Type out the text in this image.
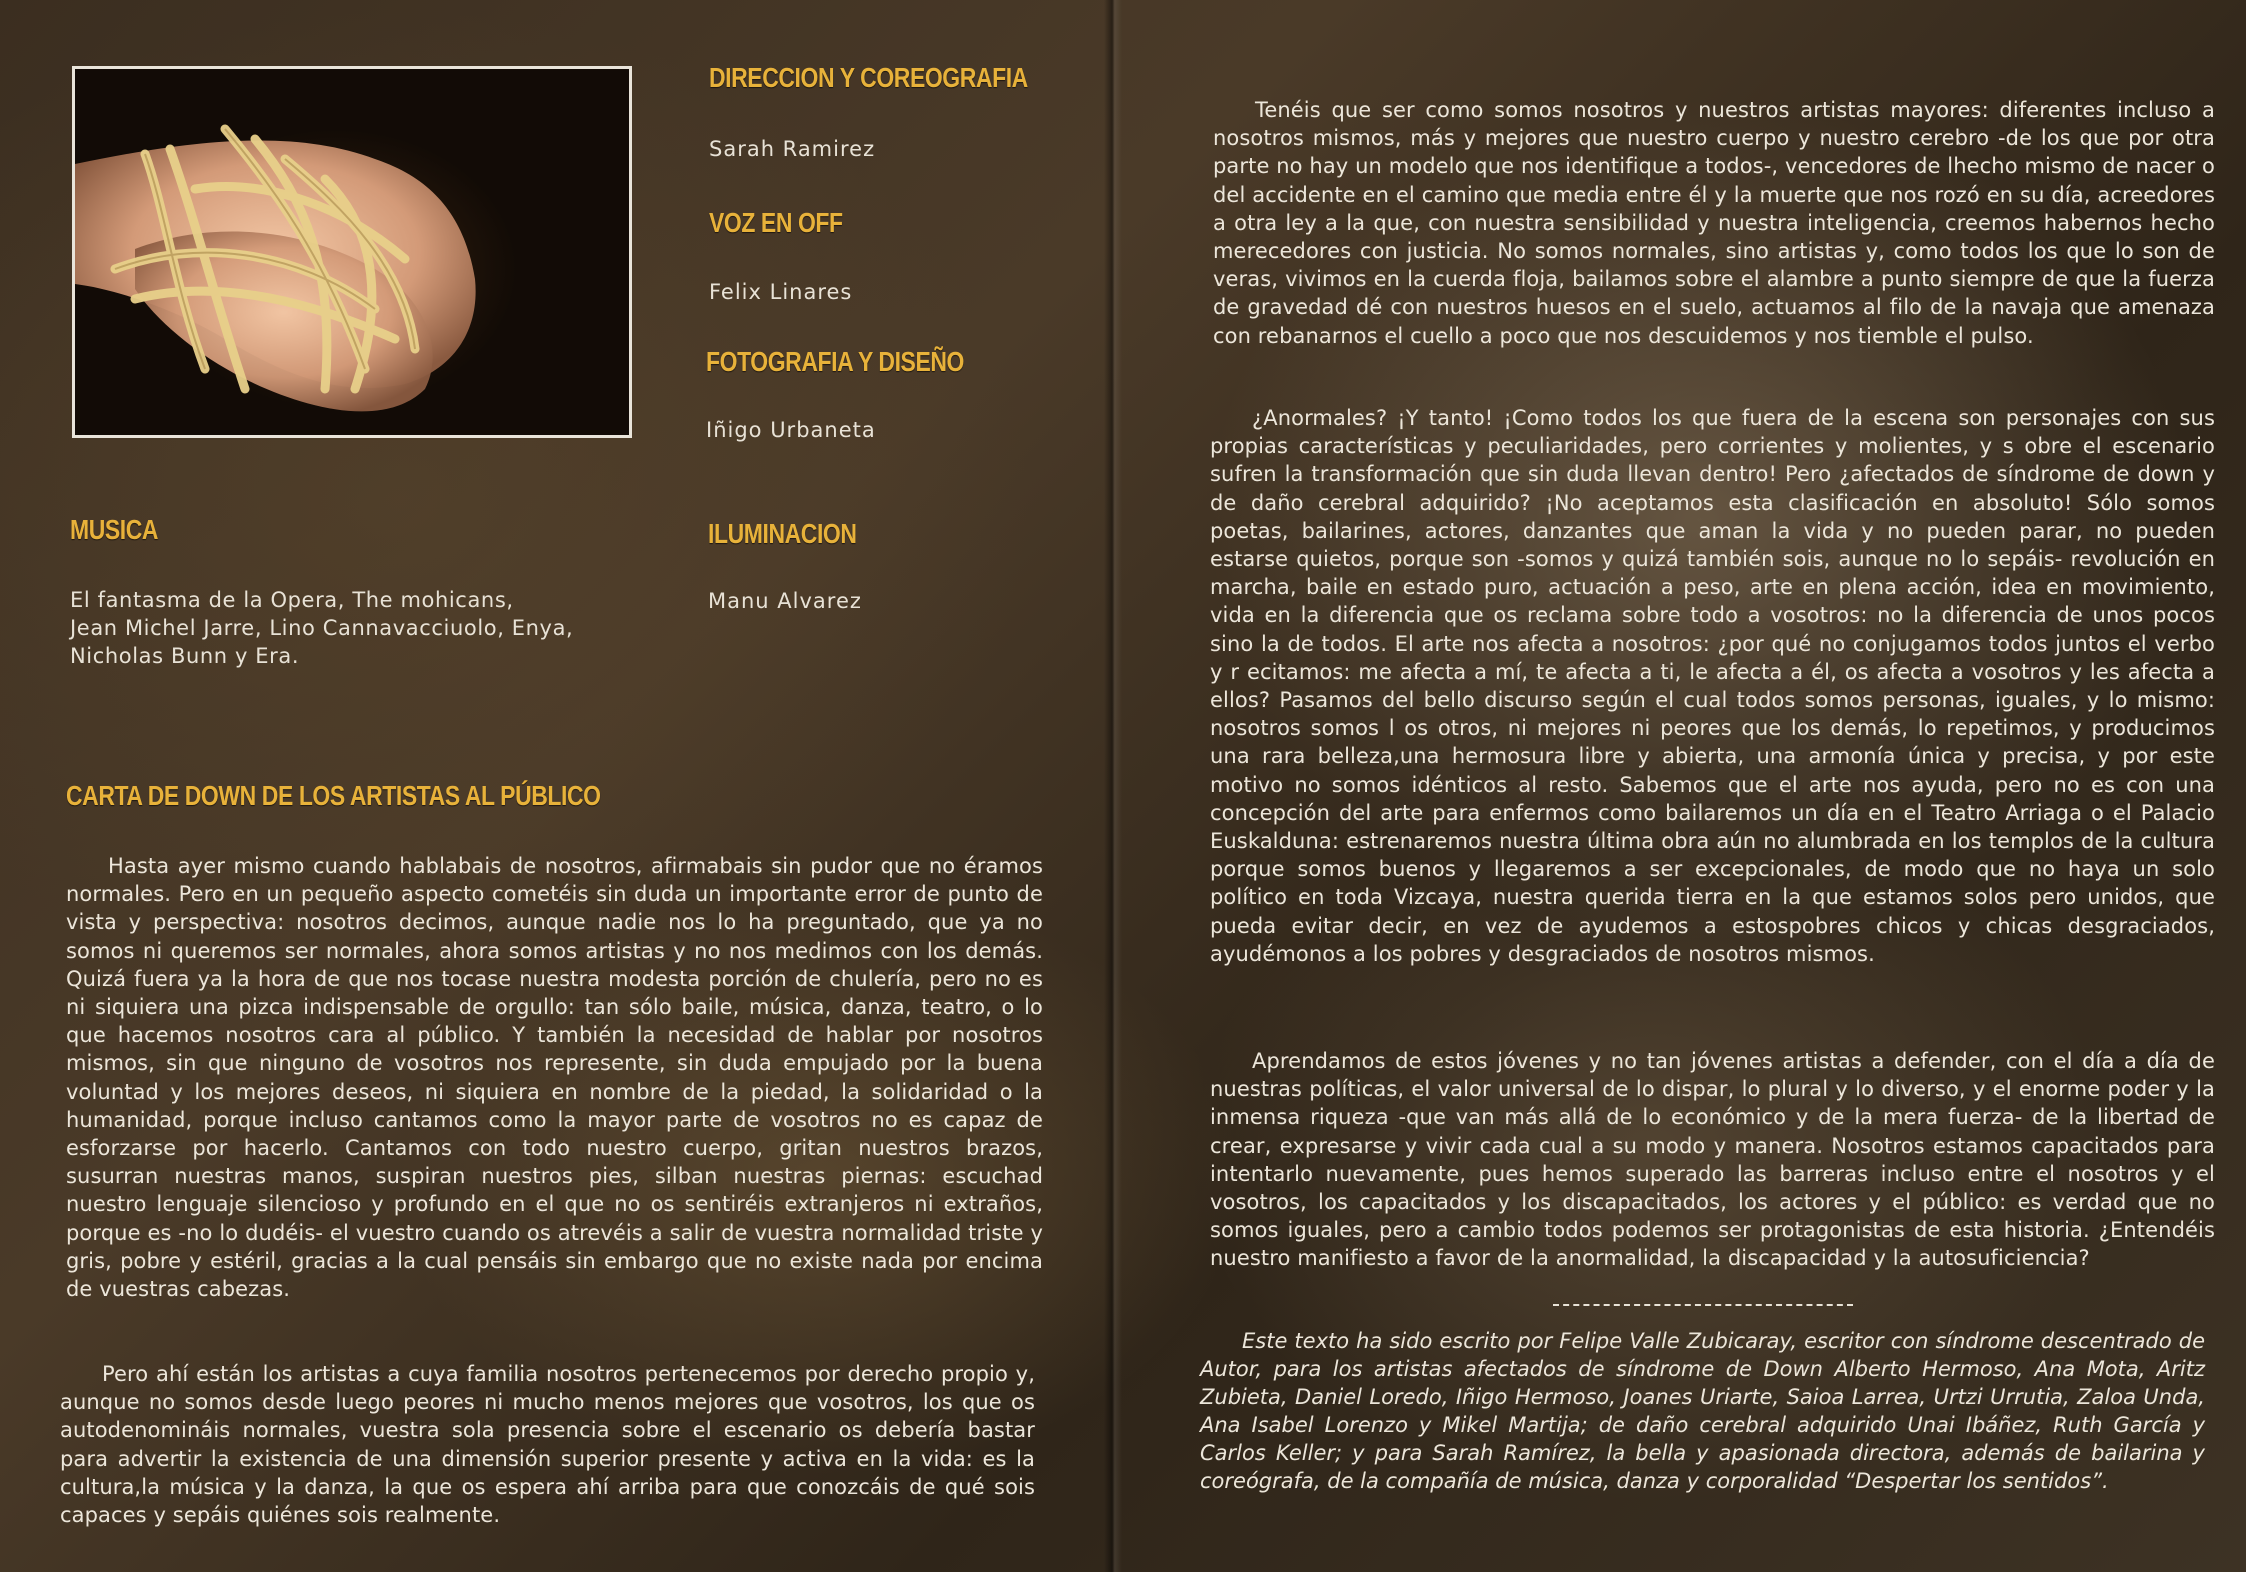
DIRECCION Y COREOGRAFIA

Sarah Ramirez

VOZ EN OFF

Felix Linares

FOTOGRAFIA Y DISEÑO

Iñigo Urbaneta

MUSICA
El fantasma de la Opera, The mohicans,
Jean Michel Jarre, Lino Cannavacciuolo, Enya,
Nicholas Bunn y Era.
ILUMINACION

Manu Alvarez

CARTA DE DOWN DE LOS ARTISTAS AL PÚBLICO

Hasta ayer mismo cuando hablabais de nosotros, afirmabais sin pudor que no éramos normales. Pero en un pequeño aspecto cometéis sin duda un importante error de punto de vista y perspectiva: nosotros decimos, aunque nadie nos lo ha preguntado, que ya no somos ni queremos ser normales, ahora somos artistas y no nos medimos con los demás. Quizá fuera ya la hora de que nos tocase nuestra modesta porción de chulería, pero no es ni siquiera una pizca indispensable de orgullo: tan sólo baile, música, danza, teatro, o lo que hacemos nosotros cara al público. Y también la necesidad de hablar por nosotros mismos, sin que ninguno de vosotros nos represente, sin duda empujado por la buena voluntad y los mejores deseos, ni siquiera en nombre de la piedad, la solidaridad o la humanidad, porque incluso cantamos como la mayor parte de vosotros no es capaz de esforzarse por hacerlo. Cantamos con todo nuestro cuerpo, gritan nuestros brazos, susurran nuestras manos, suspiran nuestros pies, silban nuestras piernas: escuchad nuestro lenguaje silencioso y profundo en el que no os sentiréis extranjeros ni extraños, porque es -no lo dudéis- el vuestro cuando os atrevéis a salir de vuestra normalidad triste y gris, pobre y estéril, gracias a la cual pensáis sin embargo que no existe nada por encima de vuestras cabezas.

Pero ahí están los artistas a cuya familia nosotros pertenecemos por derecho propio y, aunque no somos desde luego peores ni mucho menos mejores que vosotros, los que os autodenomináis normales, vuestra sola presencia sobre el escenario os debería bastar para advertir la existencia de una dimensión superior presente y activa en la vida: es la cultura,la música y la danza, la que os espera ahí arriba para que conozcáis de qué sois capaces y sepáis quiénes sois realmente.

Tenéis que ser como somos nosotros y nuestros artistas mayores: diferentes incluso a nosotros mismos, más y mejores que nuestro cuerpo y nuestro cerebro -de los que por otra parte no hay un modelo que nos identifique a todos-, vencedores de lhecho mismo de nacer o del accidente en el camino que media entre él y la muerte que nos rozó en su día, acreedores a otra ley a la que, con nuestra sensibilidad y nuestra inteligencia, creemos habernos hecho merecedores con justicia. No somos normales, sino artistas y, como todos los que lo son de veras, vivimos en la cuerda floja, bailamos sobre el alambre a punto siempre de que la fuerza de gravedad dé con nuestros huesos en el suelo, actuamos al filo de la navaja que amenaza con rebanarnos el cuello a poco que nos descuidemos y nos tiemble el pulso.

¿Anormales? ¡Y tanto! ¡Como todos los que fuera de la escena son personajes con sus propias características y peculiaridades, pero corrientes y molientes, y s obre el escenario sufren la transformación que sin duda llevan dentro! Pero ¿afectados de síndrome de down y de daño cerebral adquirido? ¡No aceptamos esta clasificación en absoluto! Sólo somos poetas, bailarines, actores, danzantes que aman la vida y no pueden parar, no pueden estarse quietos, porque son -somos y quizá también sois, aunque no lo sepáis- revolución en marcha, baile en estado puro, actuación a peso, arte en plena acción, idea en movimiento, vida en la diferencia que os reclama sobre todo a vosotros: no la diferencia de unos pocos sino la de todos. El arte nos afecta a nosotros: ¿por qué no conjugamos todos juntos el verbo y r ecitamos: me afecta a mí, te afecta a ti, le afecta a él, os afecta a vosotros y les afecta a ellos? Pasamos del bello discurso según el cual todos somos personas, iguales, y lo mismo: nosotros somos l os otros, ni mejores ni peores que los demás, lo repetimos, y producimos una rara belleza,una hermosura libre y abierta, una armonía única y precisa, y por este motivo no somos idénticos al resto. Sabemos que el arte nos ayuda, pero no es con una concepción del arte para enfermos como bailaremos un día en el Teatro Arriaga o el Palacio Euskalduna: estrenaremos nuestra última obra aún no alumbrada en los templos de la cultura porque somos buenos y llegaremos a ser excepcionales, de modo que no haya un solo político en toda Vizcaya, nuestra querida tierra en la que estamos solos pero unidos, que pueda evitar decir, en vez de ayudemos a estospobres chicos y chicas desgraciados, ayudémonos a los pobres y desgraciados de nosotros mismos.

Aprendamos de estos jóvenes y no tan jóvenes artistas a defender, con el día a día de nuestras políticas, el valor universal de lo dispar, lo plural y lo diverso, y el enorme poder y la inmensa riqueza -que van más allá de lo económico y de la mera fuerza- de la libertad de crear, expresarse y vivir cada cual a su modo y manera. Nosotros estamos capacitados para intentarlo nuevamente, pues hemos superado las barreras incluso entre el nosotros y el vosotros, los capacitados y los discapacitados, los actores y el público: es verdad que no somos iguales, pero a cambio todos podemos ser protagonistas de esta historia. ¿Entendéis nuestro manifiesto a favor de la anormalidad, la discapacidad y la autosuficiencia?

Este texto ha sido escrito por Felipe Valle Zubicaray, escritor con síndrome descentrado de Autor, para los artistas afectados de síndrome de Down Alberto Hermoso, Ana Mota, Aritz Zubieta, Daniel Loredo, Iñigo Hermoso, Joanes Uriarte, Saioa Larrea, Urtzi Urrutia, Zaloa Unda, Ana Isabel Lorenzo y Mikel Martija; de daño cerebral adquirido Unai Ibáñez, Ruth García y Carlos Keller; y para Sarah Ramírez, la bella y apasionada directora, además de bailarina y coreógrafa, de la compañía de música, danza y corporalidad “Despertar los sentidos”.
